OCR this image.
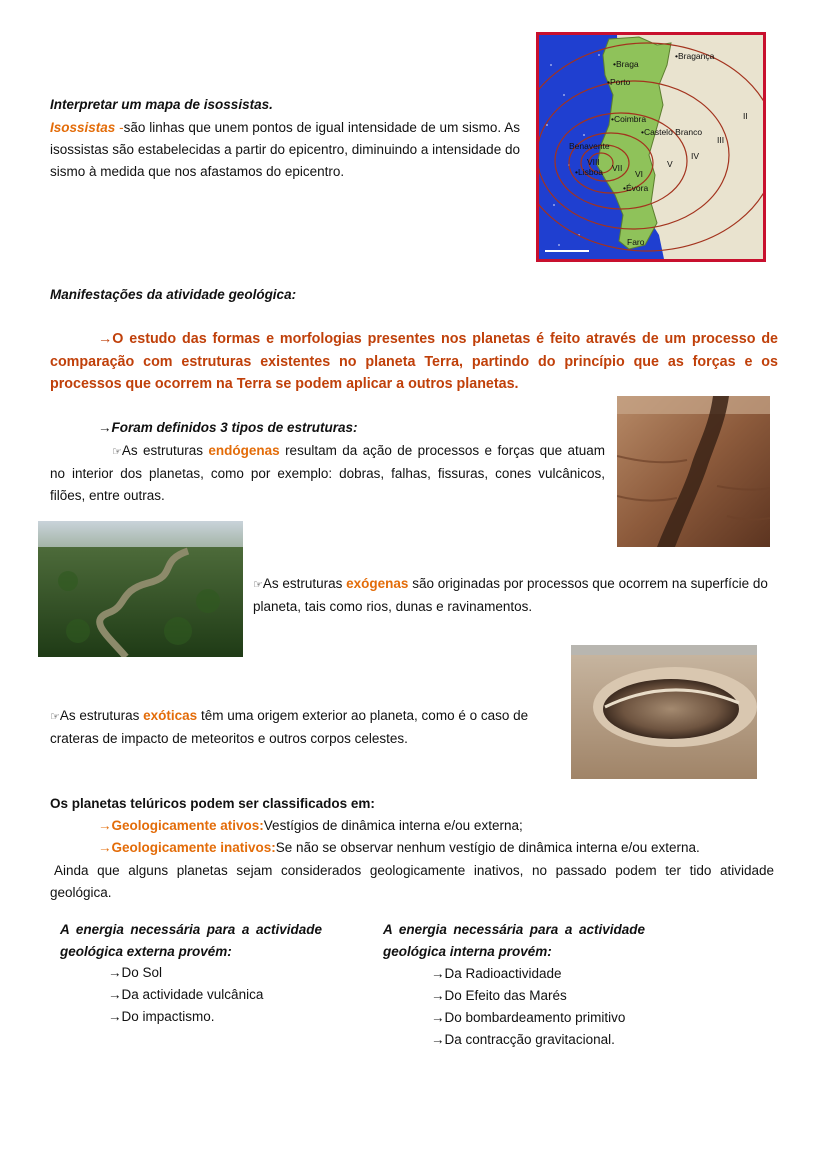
Interpretar um mapa de isossistas.
Isossistas -são linhas que unem pontos de igual intensidade de um sismo. As isossistas são estabelecidas a partir do epicentro, diminuindo a intensidade do sismo à medida que nos afastamos do epicentro.
•Bragança
•Braga
•Porto
•Coimbra
•Castelo Branco
Benavente
•Lisboa
•Évora
Faro
VIII
VII
VI
V
IV
III
II
Manifestações da atividade geológica:
→O estudo das formas e morfologias presentes nos planetas é feito através de um processo de comparação com estruturas existentes no planeta Terra, partindo do princípio que as forças e os processos que ocorrem na Terra se podem aplicar a outros planetas.
→Foram definidos 3 tipos de estruturas:
☞As estruturas endógenas resultam da ação de processos e forças que atuam no interior dos planetas, como por exemplo: dobras, falhas, fissuras, cones vulcânicos, filões, entre outras.
☞As estruturas exógenas são originadas por processos que ocorrem na superfície do planeta, tais como rios, dunas e ravinamentos.
☞As estruturas exóticas têm uma origem exterior ao planeta, como é o caso de crateras de impacto de meteoritos e outros corpos celestes.
Os planetas telúricos podem ser classificados em:
→Geologicamente ativos:Vestígios de dinâmica interna e/ou externa;
→Geologicamente inativos:Se não se observar nenhum vestígio de dinâmica interna e/ou externa.
Ainda que alguns planetas sejam considerados geologicamente inativos, no passado podem ter tido atividade geológica.
A energia necessária para a actividade geológica externa provém:
→Do Sol
→Da actividade vulcânica
→Do impactismo.
A energia necessária para a actividade geológica interna provém:
→Da Radioactividade
→Do Efeito das Marés
→Do bombardeamento primitivo
→Da contracção gravitacional.
